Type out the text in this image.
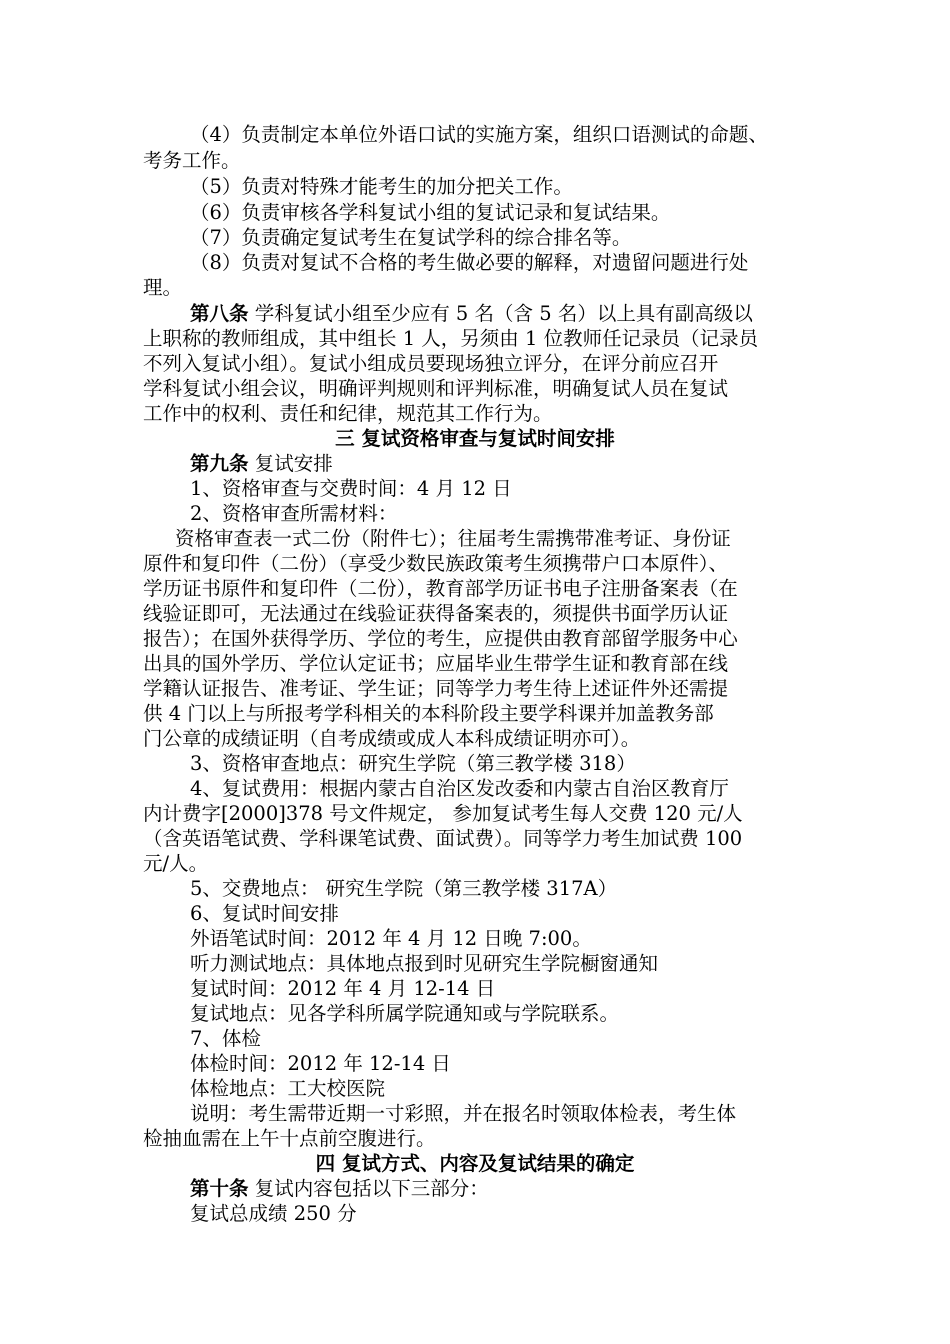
（4）负责制定本单位外语口试的实施方案，组织口语测试的命题、
考务工作。
（5）负责对特殊才能考生的加分把关工作。
（6）负责审核各学科复试小组的复试记录和复试结果。
（7）负责确定复试考生在复试学科的综合排名等。
（8）负责对复试不合格的考生做必要的解释，对遗留问题进行处
理。
第八条 学科复试小组至少应有 5 名（含 5 名）以上具有副高级以
上职称的教师组成，其中组长 1 人，另须由 1 位教师任记录员（记录员
不列入复试小组）。复试小组成员要现场独立评分，在评分前应召开
学科复试小组会议，明确评判规则和评判标准，明确复试人员在复试
工作中的权利、责任和纪律，规范其工作行为。
三 复试资格审查与复试时间安排
第九条 复试安排
1、资格审查与交费时间：4 月 12 日
2、资格审查所需材料：
资格审查表一式二份（附件七）；往届考生需携带准考证、身份证
原件和复印件（二份）（享受少数民族政策考生须携带户口本原件）、
学历证书原件和复印件（二份），教育部学历证书电子注册备案表（在
线验证即可，无法通过在线验证获得备案表的，须提供书面学历认证
报告）；在国外获得学历、学位的考生，应提供由教育部留学服务中心
出具的国外学历、学位认定证书；应届毕业生带学生证和教育部在线
学籍认证报告、准考证、学生证；同等学力考生待上述证件外还需提
供 4 门以上与所报考学科相关的本科阶段主要学科课并加盖教务部
门公章的成绩证明（自考成绩或成人本科成绩证明亦可）。
3、资格审查地点：研究生学院（第三教学楼 318）
4、复试费用：根据内蒙古自治区发改委和内蒙古自治区教育厅
内计费字[2000]378 号文件规定， 参加复试考生每人交费 120 元/人
（含英语笔试费、学科课笔试费、面试费）。同等学力考生加试费 100
元/人。
5、交费地点： 研究生学院（第三教学楼 317A）
6、复试时间安排
外语笔试时间：2012 年 4 月 12 日晚 7:00。
听力测试地点：具体地点报到时见研究生学院橱窗通知
复试时间：2012 年 4 月 12-14 日
复试地点：见各学科所属学院通知或与学院联系。
7、体检
体检时间：2012 年 12-14 日
体检地点：工大校医院
说明：考生需带近期一寸彩照，并在报名时领取体检表，考生体
检抽血需在上午十点前空腹进行。
四 复试方式、内容及复试结果的确定
第十条 复试内容包括以下三部分：
复试总成绩 250 分
